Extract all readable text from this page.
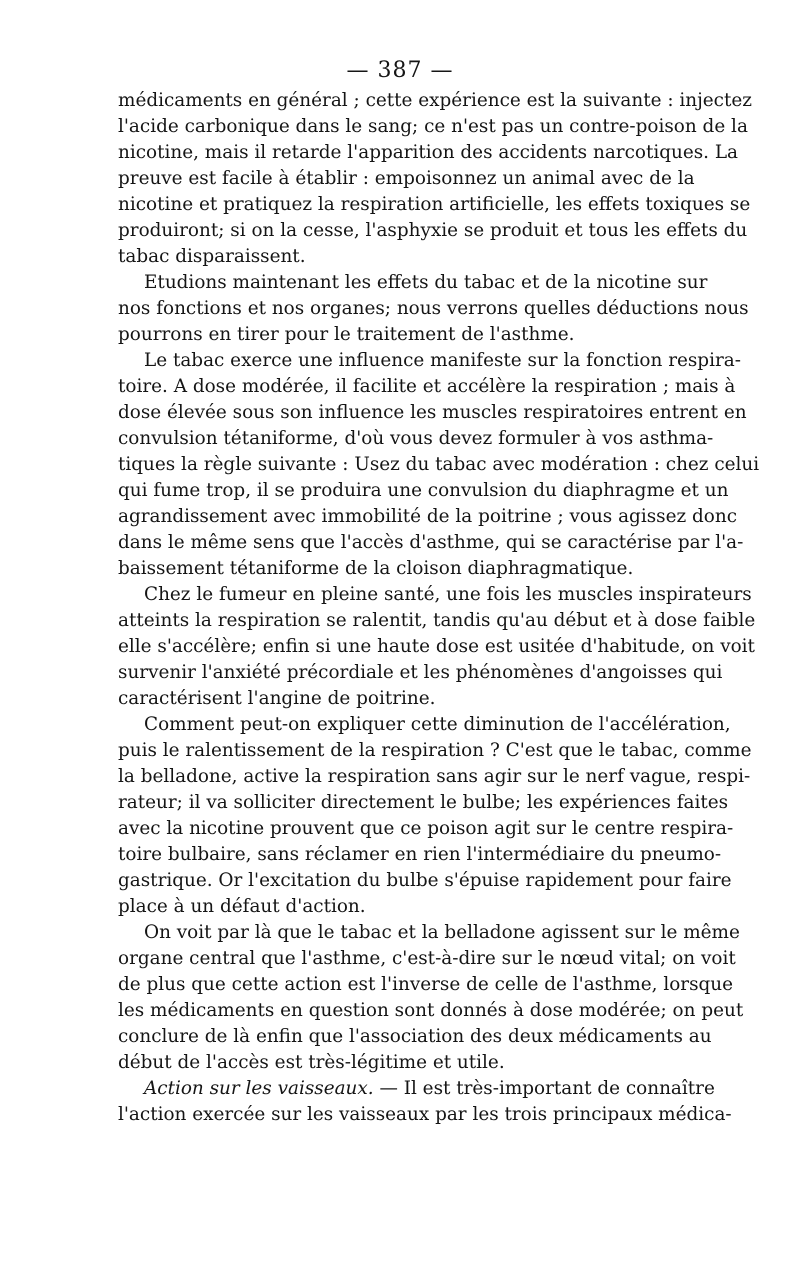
— 387 —
médicaments en général ; cette expérience est la suivante : injectez
l'acide carbonique dans le sang; ce n'est pas un contre-poison de la
nicotine, mais il retarde l'apparition des accidents narcotiques. La
preuve est facile à établir : empoisonnez un animal avec de la
nicotine et pratiquez la respiration artificielle, les effets toxiques se
produiront; si on la cesse, l'asphyxie se produit et tous les effets du
tabac disparaissent.
Etudions maintenant les effets du tabac et de la nicotine sur
nos fonctions et nos organes; nous verrons quelles déductions nous
pourrons en tirer pour le traitement de l'asthme.
Le tabac exerce une influence manifeste sur la fonction respira-
toire. A dose modérée, il facilite et accélère la respiration ; mais à
dose élevée sous son influence les muscles respiratoires entrent en
convulsion tétaniforme, d'où vous devez formuler à vos asthma-
tiques la règle suivante : Usez du tabac avec modération : chez celui
qui fume trop, il se produira une convulsion du diaphragme et un
agrandissement avec immobilité de la poitrine ; vous agissez donc
dans le même sens que l'accès d'asthme, qui se caractérise par l'a-
baissement tétaniforme de la cloison diaphragmatique.
Chez le fumeur en pleine santé, une fois les muscles inspirateurs
atteints la respiration se ralentit, tandis qu'au début et à dose faible
elle s'accélère; enfin si une haute dose est usitée d'habitude, on voit
survenir l'anxiété précordiale et les phénomènes d'angoisses qui
caractérisent l'angine de poitrine.
Comment peut-on expliquer cette diminution de l'accélération,
puis le ralentissement de la respiration ? C'est que le tabac, comme
la belladone, active la respiration sans agir sur le nerf vague, respi-
rateur; il va solliciter directement le bulbe; les expériences faites
avec la nicotine prouvent que ce poison agit sur le centre respira-
toire bulbaire, sans réclamer en rien l'intermédiaire du pneumo-
gastrique. Or l'excitation du bulbe s'épuise rapidement pour faire
place à un défaut d'action.
On voit par là que le tabac et la belladone agissent sur le même
organe central que l'asthme, c'est-à-dire sur le nœud vital; on voit
de plus que cette action est l'inverse de celle de l'asthme, lorsque
les médicaments en question sont donnés à dose modérée; on peut
conclure de là enfin que l'association des deux médicaments au
début de l'accès est très-légitime et utile.
Action sur les vaisseaux. — Il est très-important de connaître
l'action exercée sur les vaisseaux par les trois principaux médica-
